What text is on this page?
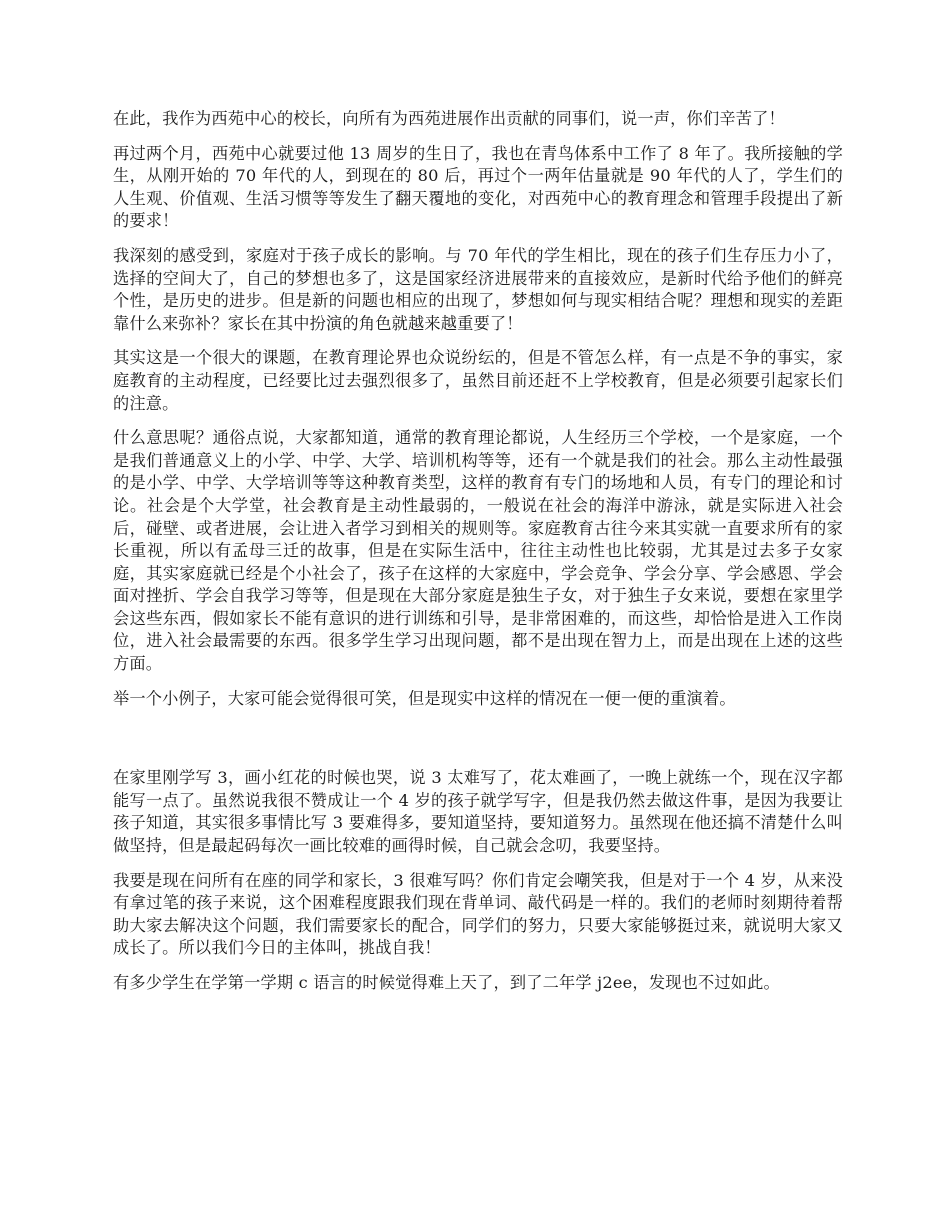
在此，我作为西苑中心的校长，向所有为西苑进展作出贡献的同事们，说一声，你们辛苦了！

再过两个月，西苑中心就要过他 13 周岁的生日了，我也在青鸟体系中工作了 8 年了。我所接触的学生，从刚开始的 70 年代的人，到现在的 80 后，再过个一两年估量就是 90 年代的人了，学生们的人生观、价值观、生活习惯等等发生了翻天覆地的变化，对西苑中心的教育理念和管理手段提出了新的要求！

我深刻的感受到，家庭对于孩子成长的影响。与 70 年代的学生相比，现在的孩子们生存压力小了，选择的空间大了，自己的梦想也多了，这是国家经济进展带来的直接效应，是新时代给予他们的鲜亮个性，是历史的进步。但是新的问题也相应的出现了，梦想如何与现实相结合呢？理想和现实的差距靠什么来弥补？家长在其中扮演的角色就越来越重要了！

其实这是一个很大的课题，在教育理论界也众说纷纭的，但是不管怎么样，有一点是不争的事实，家庭教育的主动程度，已经要比过去强烈很多了，虽然目前还赶不上学校教育，但是必须要引起家长们的注意。

什么意思呢？通俗点说，大家都知道，通常的教育理论都说，人生经历三个学校，一个是家庭，一个是我们普通意义上的小学、中学、大学、培训机构等等，还有一个就是我们的社会。那么主动性最强的是小学、中学、大学培训等等这种教育类型，这样的教育有专门的场地和人员，有专门的理论和讨论。社会是个大学堂，社会教育是主动性最弱的，一般说在社会的海洋中游泳，就是实际进入社会后，碰壁、或者进展，会让进入者学习到相关的规则等。家庭教育古往今来其实就一直要求所有的家长重视，所以有孟母三迁的故事，但是在实际生活中，往往主动性也比较弱，尤其是过去多子女家庭，其实家庭就已经是个小社会了，孩子在这样的大家庭中，学会竞争、学会分享、学会感恩、学会面对挫折、学会自我学习等等，但是现在大部分家庭是独生子女，对于独生子女来说，要想在家里学会这些东西，假如家长不能有意识的进行训练和引导，是非常困难的，而这些，却恰恰是进入工作岗位，进入社会最需要的东西。很多学生学习出现问题，都不是出现在智力上，而是出现在上述的这些方面。

举一个小例子，大家可能会觉得很可笑，但是现实中这样的情况在一便一便的重演着。

在家里刚学写 3，画小红花的时候也哭，说 3 太难写了，花太难画了，一晚上就练一个，现在汉字都能写一点了。虽然说我很不赞成让一个 4 岁的孩子就学写字，但是我仍然去做这件事，是因为我要让孩子知道，其实很多事情比写 3 要难得多，要知道坚持，要知道努力。虽然现在他还搞不清楚什么叫做坚持，但是最起码每次一画比较难的画得时候，自己就会念叨，我要坚持。

我要是现在问所有在座的同学和家长，3 很难写吗？你们肯定会嘲笑我，但是对于一个 4 岁，从来没有拿过笔的孩子来说，这个困难程度跟我们现在背单词、敲代码是一样的。我们的老师时刻期待着帮助大家去解决这个问题，我们需要家长的配合，同学们的努力，只要大家能够挺过来，就说明大家又成长了。所以我们今日的主体叫，挑战自我！

有多少学生在学第一学期 c 语言的时候觉得难上天了，到了二年学 j2ee，发现也不过如此。
